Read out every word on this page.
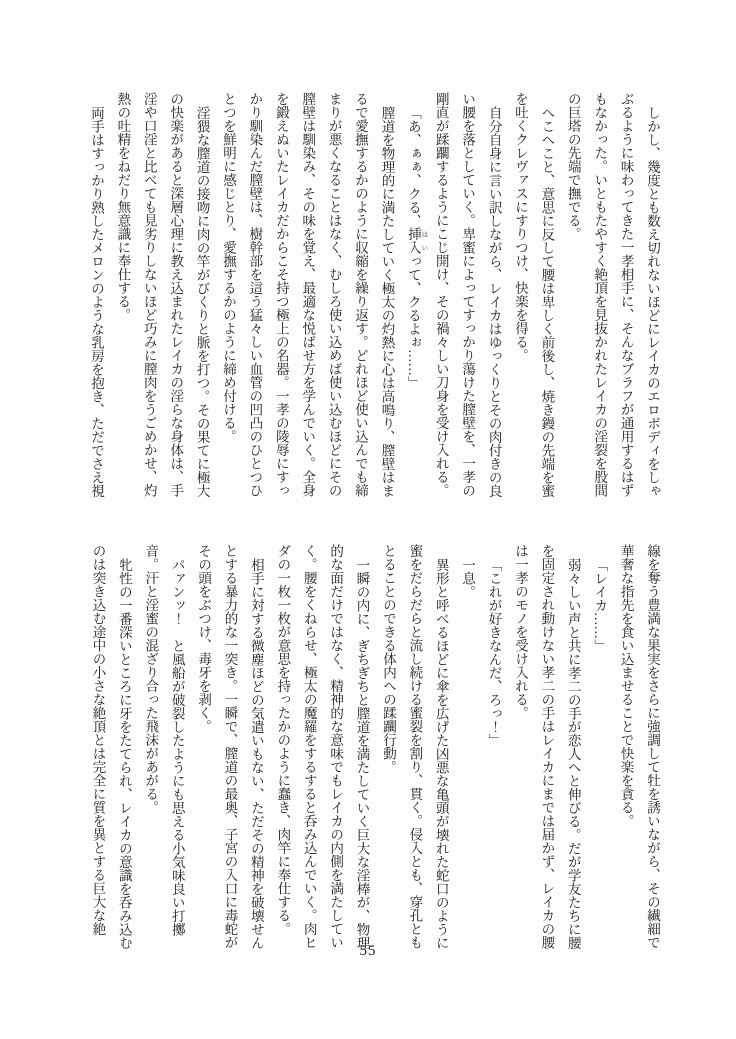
しかし、幾度とも数え切れないほどにレイカのエロボディをしゃ
ぶるように味わってきた一孝相手に、そんなブラフが通用するはず
もなかった。いともたやすく絶頂を見抜かれたレイカの淫裂を股間
の巨塔の先端で撫でる。
へこへこと、意思に反して腰は卑しく前後し、焼き鏝の先端を蜜
を吐くクレヴァスにすりつけ、快楽を得る。
自分自身に言い訳しながら、レイカはゆっくりとその肉付きの良
い腰を落としていく。卑蜜によってすっかり蕩けた膣壁を、一孝の
剛直が蹂躙するようにこじ開け、その禍々しい刀身を受け入れる。
「あ、ぁぁ、クる、挿入 はいって、クるよぉ……」
膣道を物理的に満たしていく極太の灼熱に心は高鳴り、膣壁はま
るで愛撫するかのように収縮を繰り返す。どれほど使い込んでも締
まりが悪くなることはなく、むしろ使い込めば使い込むほどにその
膣壁は馴染み、その味を覚え、最適な悦ばせ方を学んでいく。全身
を鍛えぬいたレイカだからこそ持つ極上の名器。一孝の陵辱にすっ
かり馴染んだ膣壁は、樹幹部を這う猛々しい血管の凹凸のひとつひ
とつを鮮明に感じとり、愛撫するかのように締め付ける。
淫猥な膣道の接吻に肉の竿がびくりと脈を打つ。その果てに極大
の快楽があると深層心理に教え込まれたレイカの淫らな身体は、手
淫や口淫と比べても見劣りしないほど巧みに膣肉をうごめかせ、灼
熱の吐精をねだり無意識に奉仕する。
両手はすっかり熟したメロンのような乳房を抱き、ただでさえ視
線を奪う豊満な果実をさらに強調して牡を誘いながら、その繊細で
華奢な指先を食い込ませることで快楽を貪る。
「レイカ……」
弱々しい声と共に孝二の手が恋人へと伸びる。だが学友たちに腰
を固定され動けない孝二の手はレイカにまでは届かず、レイカの腰
は一孝のモノを受け入れる。
「これが好きなんだ、ろっ！」
一息。
異形と呼べるほどに傘を広げた凶悪な亀頭が壊れた蛇口のように
蜜をだらだらと流し続ける蜜裂を割り、貫く。侵入とも、穿孔とも
とることのできる体内への蹂躙行動。
一瞬の内に、ぎちぎちと膣道を満たしていく巨大な淫棒が、物理
的な面だけではなく、精神的な意味でもレイカの内側を満たしてい
く。腰をくねらせ、極太の魔羅をするすると呑み込んでいく。肉ヒ
ダの一枚一枚が意思を持ったかのように蠢き、肉竿に奉仕する。
相手に対する微塵ほどの気遣いもない、ただその精神を破壊せん
とする暴力的な一突き。一瞬で、膣道の最奥、子宮の入口に毒蛇が
その頭をぶつけ、毒牙を剥く。
パァンッ！　と風船が破裂したようにも思える小気味良い打擲
音。汗と淫蜜の混ざり合った飛沫があがる。
牝性の一番深いところに牙をたてられ、レイカの意識を呑み込む
のは突き込む途中の小さな絶頂とは完全に質を異とする巨大な絶
55
